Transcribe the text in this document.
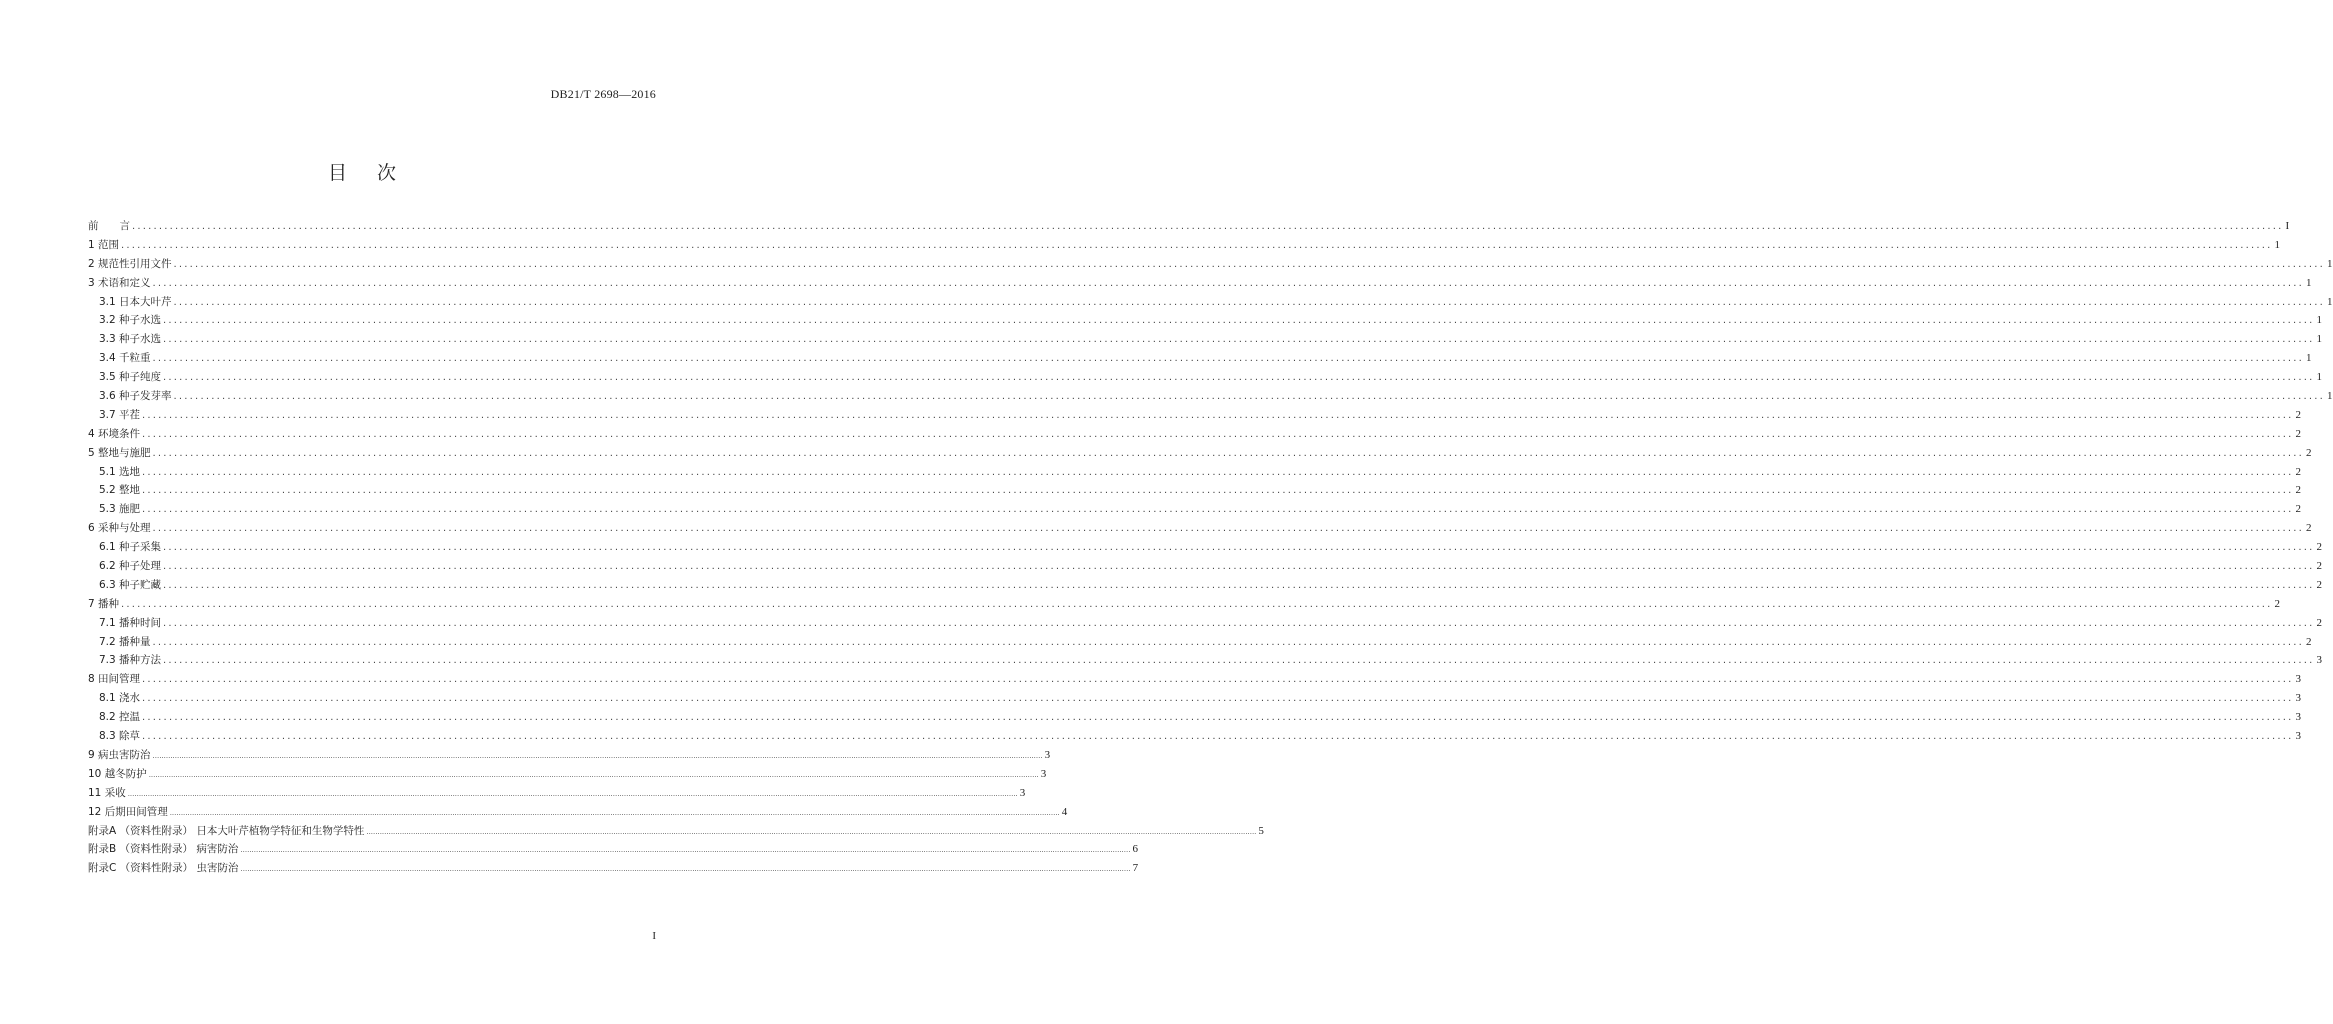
DB21/T 2698—2016
目 次
前　　言 ................................................................................................................................................................................................................................................................................................................................................................................................................ I
1 范围 ................................................................................................................................................................................................................................................................................................................................................................................................................ 1
2 规范性引用文件 ................................................................................................................................................................................................................................................................................................................................................................................................................ 1
3 术语和定义 ................................................................................................................................................................................................................................................................................................................................................................................................................ 1
3.1 日本大叶芹 ................................................................................................................................................................................................................................................................................................................................................................................................................ 1
3.2 种子水选 ................................................................................................................................................................................................................................................................................................................................................................................................................ 1
3.3 种子水选 ................................................................................................................................................................................................................................................................................................................................................................................................................ 1
3.4 千粒重 ................................................................................................................................................................................................................................................................................................................................................................................................................ 1
3.5 种子纯度 ................................................................................................................................................................................................................................................................................................................................................................................................................ 1
3.6 种子发芽率 ................................................................................................................................................................................................................................................................................................................................................................................................................ 1
3.7 平茬 ................................................................................................................................................................................................................................................................................................................................................................................................................ 2
4 环境条件 ................................................................................................................................................................................................................................................................................................................................................................................................................ 2
5 整地与施肥 ................................................................................................................................................................................................................................................................................................................................................................................................................ 2
5.1 选地 ................................................................................................................................................................................................................................................................................................................................................................................................................ 2
5.2 整地 ................................................................................................................................................................................................................................................................................................................................................................................................................ 2
5.3 施肥 ................................................................................................................................................................................................................................................................................................................................................................................................................ 2
6 采种与处理 ................................................................................................................................................................................................................................................................................................................................................................................................................ 2
6.1 种子采集 ................................................................................................................................................................................................................................................................................................................................................................................................................ 2
6.2 种子处理 ................................................................................................................................................................................................................................................................................................................................................................................................................ 2
6.3 种子贮藏 ................................................................................................................................................................................................................................................................................................................................................................................................................ 2
7 播种 ................................................................................................................................................................................................................................................................................................................................................................................................................ 2
7.1 播种时间 ................................................................................................................................................................................................................................................................................................................................................................................................................ 2
7.2 播种量 ................................................................................................................................................................................................................................................................................................................................................................................................................ 2
7.3 播种方法 ................................................................................................................................................................................................................................................................................................................................................................................................................ 3
8 田间管理 ................................................................................................................................................................................................................................................................................................................................................................................................................ 3
8.1 浇水 ................................................................................................................................................................................................................................................................................................................................................................................................................ 3
8.2 控温 ................................................................................................................................................................................................................................................................................................................................................................................................................ 3
8.3 除草 ................................................................................................................................................................................................................................................................................................................................................................................................................ 3
9 病虫害防治 ................................................................................................................................................................................................................................................................................................................................................................................................................ 3
10 越冬防护 ................................................................................................................................................................................................................................................................................................................................................................................................................ 3
11 采收 ................................................................................................................................................................................................................................................................................................................................................................................................................ 3
12 后期田间管理 ................................................................................................................................................................................................................................................................................................................................................................................................................ 4
附录A （资料性附录） 日本大叶芹植物学特征和生物学特性 ................................................................................................................................................................................................................................................................................................................................................................................................................ 5
附录B （资料性附录） 病害防治 ................................................................................................................................................................................................................................................................................................................................................................................................................ 6
附录C （资料性附录） 虫害防治 ................................................................................................................................................................................................................................................................................................................................................................................................................ 7
I
